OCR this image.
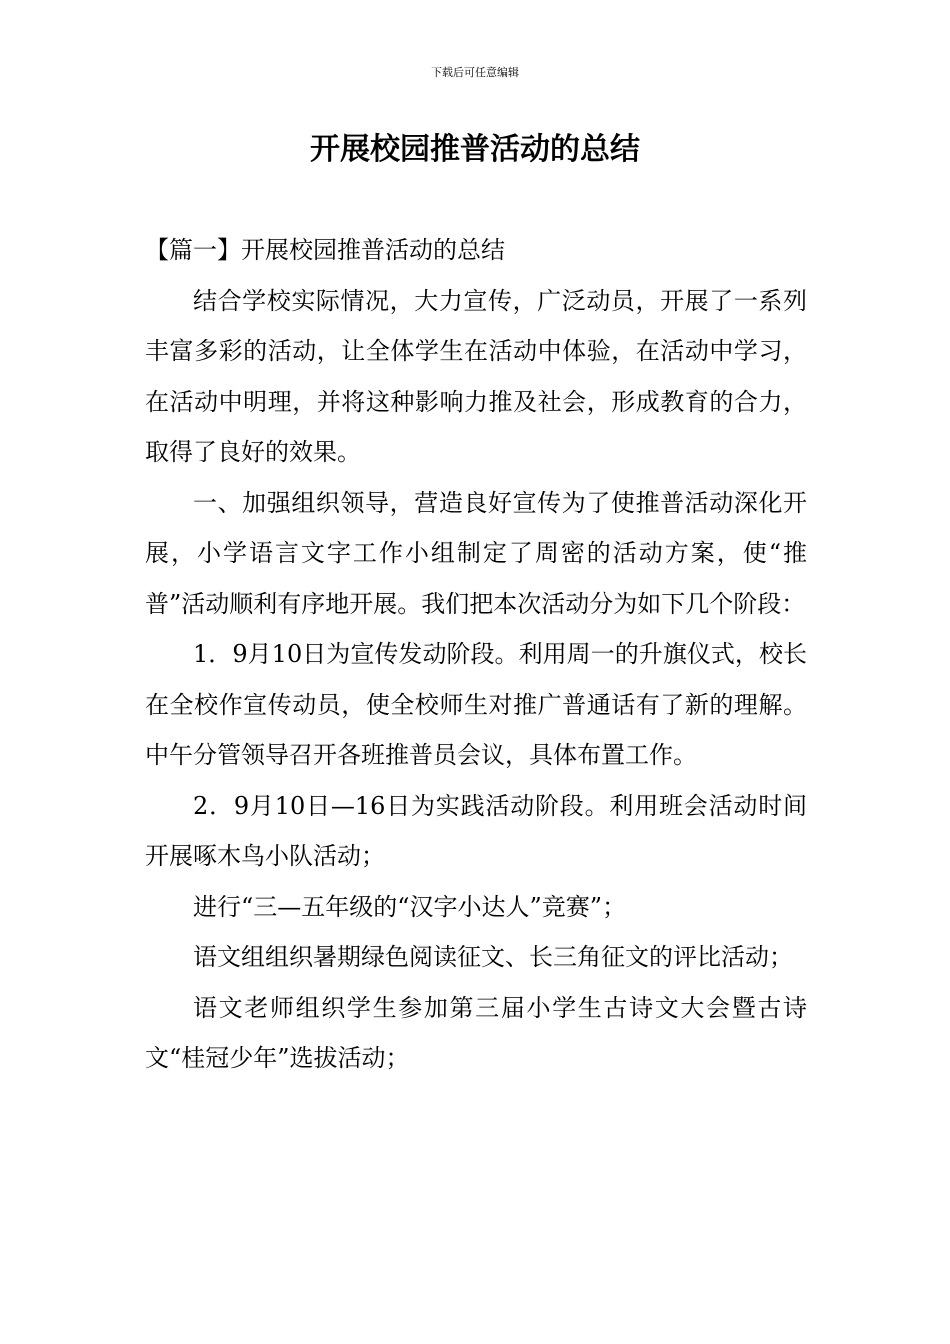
下载后可任意编辑
开展校园推普活动的总结

【篇一】开展校园推普活动的总结

结合学校实际情况，大力宣传，广泛动员，开展了一系列丰富多彩的活动，让全体学生在活动中体验，在活动中学习，在活动中明理，并将这种影响力推及社会，形成教育的合力，取得了良好的效果。

一、加强组织领导，营造良好宣传为了使推普活动深化开展，小学语言文字工作小组制定了周密的活动方案，使“推普”活动顺利有序地开展。我们把本次活动分为如下几个阶段：

1．9月10日为宣传发动阶段。利用周一的升旗仪式，校长在全校作宣传动员，使全校师生对推广普通话有了新的理解。中午分管领导召开各班推普员会议，具体布置工作。

2．9月10日—16日为实践活动阶段。利用班会活动时间开展啄木鸟小队活动；

进行“三—五年级的“汉字小达人”竞赛”；

语文组组织暑期绿色阅读征文、长三角征文的评比活动；

语文老师组织学生参加第三届小学生古诗文大会暨古诗文“桂冠少年”选拔活动；
